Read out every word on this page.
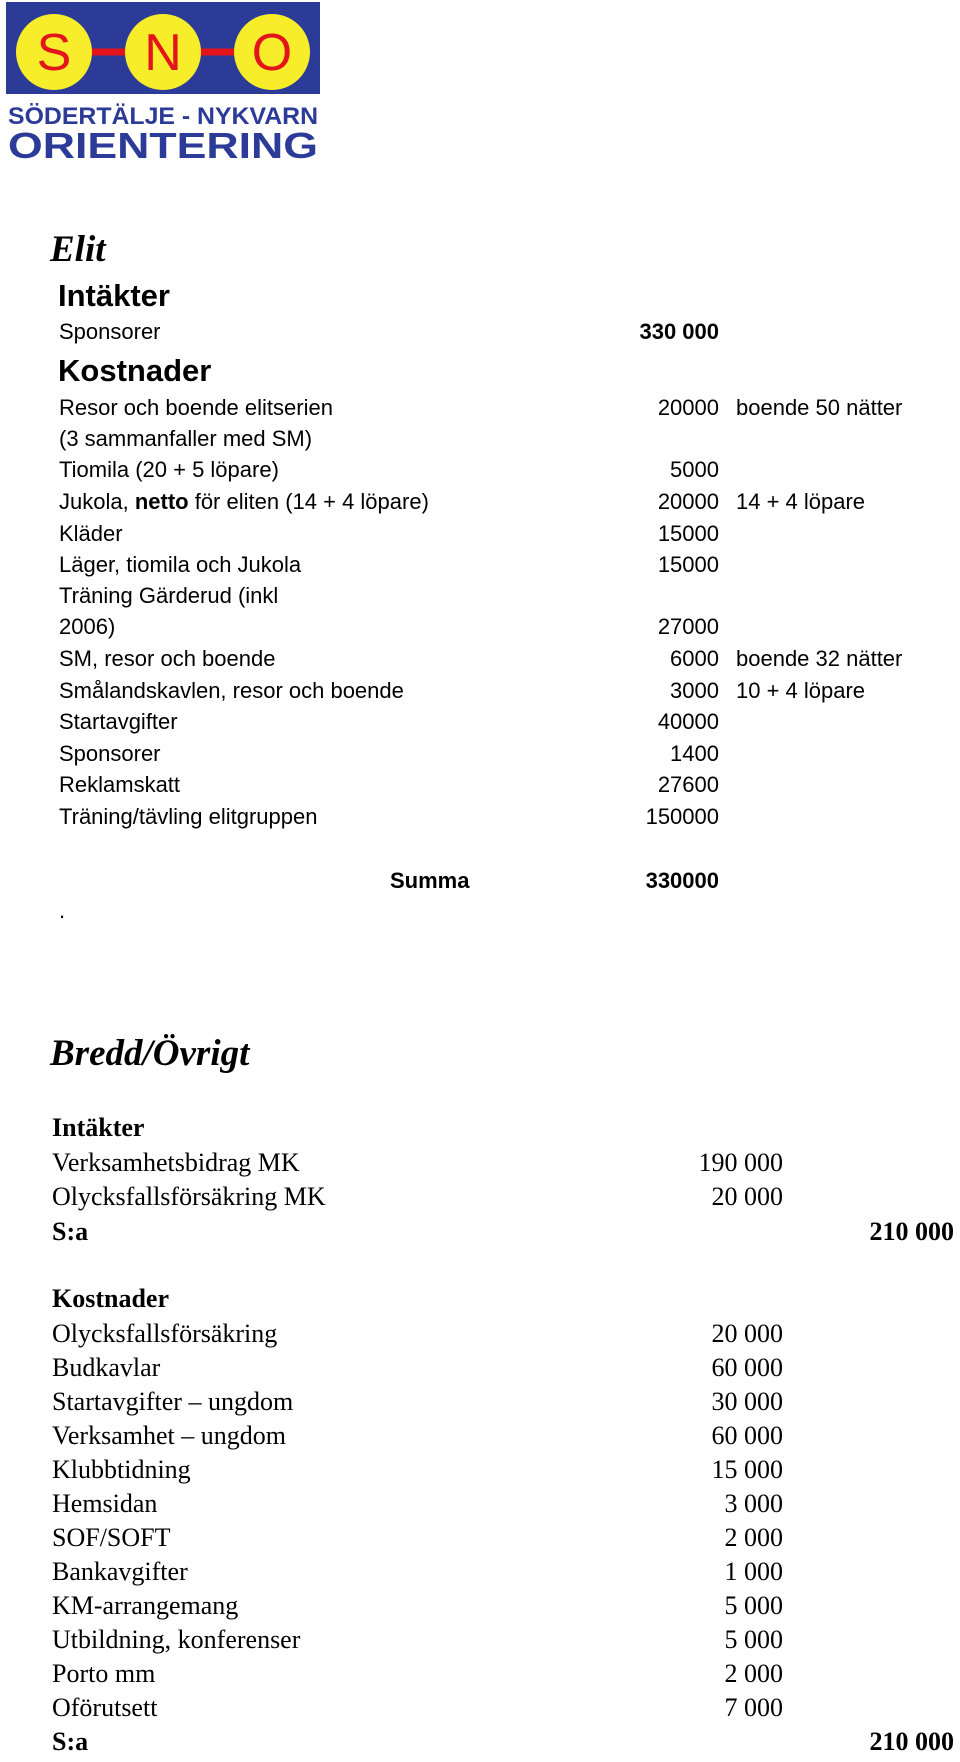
S N O
SÖDERTÄLJE - NYKVARN
ORIENTERING
Elit
Intäkter
Sponsorer	330 000
Kostnader
Resor och boende elitserien	20000 boende 50 nätter
(3 sammanfaller med SM)
Tiomila (20 + 5 löpare)	5000
Jukola, netto för eliten (14 + 4 löpare)	20000 14 + 4 löpare
Kläder	15000
Läger, tiomila och Jukola	15000
Träning Gärderud (inkl
2006)	27000
SM, resor och boende	6000 boende 32 nätter
Smålandskavlen, resor och boende	3000 10 + 4 löpare
Startavgifter	40000
Sponsorer	1400
Reklamskatt	27600
Träning/tävling elitgruppen	150000
Summa	330000
.
Bredd/Övrigt
Intäkter
Verksamhetsbidrag MK	190 000
Olycksfallsförsäkring MK	20 000
S:a	210 000
Kostnader
Olycksfallsförsäkring	20 000
Budkavlar	60 000
Startavgifter – ungdom	30 000
Verksamhet – ungdom	60 000
Klubbtidning	15 000
Hemsidan	3 000
SOF/SOFT	2 000
Bankavgifter	1 000
KM-arrangemang	5 000
Utbildning, konferenser	5 000
Porto mm	2 000
Oförutsett	7 000
S:a	210 000
